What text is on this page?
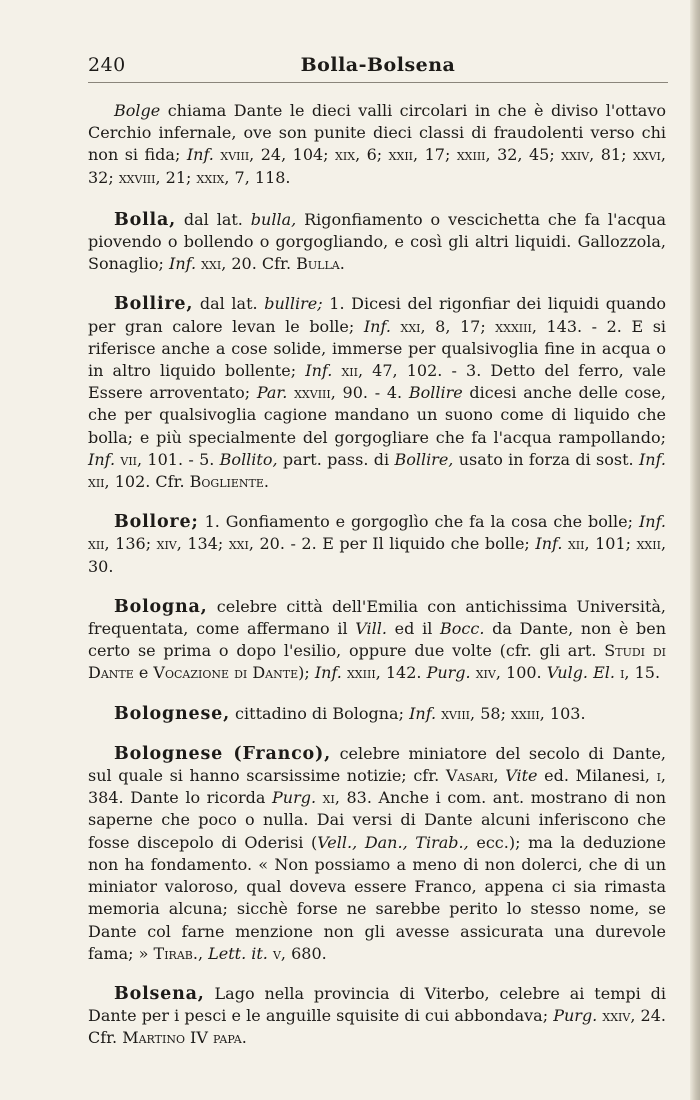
240	Bolla-Bolsena

Bolge chiama Dante le dieci valli circolari in che è diviso l'ottavo Cerchio infernale, ove son punite dieci classi di fraudolenti verso chi non si fida; Inf. xviii, 24, 104; xix, 6; xxii, 17; xxiii, 32, 45; xxiv, 81; xxvi, 32; xxviii, 21; xxix, 7, 118.

Bolla, dal lat. bulla, Rigonfiamento o vescichetta che fa l'acqua piovendo o bollendo o gorgogliando, e così gli altri liquidi. Gallozzola, Sonaglio; Inf. xxi, 20. Cfr. Bulla.

Bollire, dal lat. bullire; 1. Dicesi del rigonfiar dei liquidi quando per gran calore levan le bolle; Inf. xxi, 8, 17; xxxiii, 143. - 2. E si riferisce anche a cose solide, immerse per qualsivoglia fine in acqua o in altro liquido bollente; Inf. xii, 47, 102. - 3. Detto del ferro, vale Essere arroventato; Par. xxviii, 90. - 4. Bollire dicesi anche delle cose, che per qualsivoglia cagione mandano un suono come di liquido che bolla; e più specialmente del gorgogliare che fa l'acqua rampollando; Inf. vii, 101. - 5. Bollito, part. pass. di Bollire, usato in forza di sost. Inf. xii, 102. Cfr. Bogliente.

Bollore; 1. Gonfiamento e gorgoglìo che fa la cosa che bolle; Inf. xii, 136; xiv, 134; xxi, 20. - 2. E per Il liquido che bolle; Inf. xii, 101; xxii, 30.

Bologna, celebre città dell'Emilia con antichissima Università, frequentata, come affermano il Vill. ed il Bocc. da Dante, non è ben certo se prima o dopo l'esilio, oppure due volte (cfr. gli art. Studi di Dante e Vocazione di Dante); Inf. xxiii, 142. Purg. xiv, 100. Vulg. El. i, 15.

Bolognese, cittadino di Bologna; Inf. xviii, 58; xxiii, 103.

Bolognese (Franco), celebre miniatore del secolo di Dante, sul quale si hanno scarsissime notizie; cfr. Vasari, Vite ed. Milanesi, i, 384. Dante lo ricorda Purg. xi, 83. Anche i com. ant. mostrano di non saperne che poco o nulla. Dai versi di Dante alcuni inferiscono che fosse discepolo di Oderisi (Vell., Dan., Tirab., ecc.); ma la deduzione non ha fondamento. « Non possiamo a meno di non dolerci, che di un miniator valoroso, qual doveva essere Franco, appena ci sia rimasta memoria alcuna; sicchè forse ne sarebbe perito lo stesso nome, se Dante col farne menzione non gli avesse assicurata una durevole fama; » Tirab., Lett. it. v, 680.

Bolsena, Lago nella provincia di Viterbo, celebre ai tempi di Dante per i pesci e le anguille squisite di cui abbondava; Purg. xxiv, 24. Cfr. Martino IV papa.
